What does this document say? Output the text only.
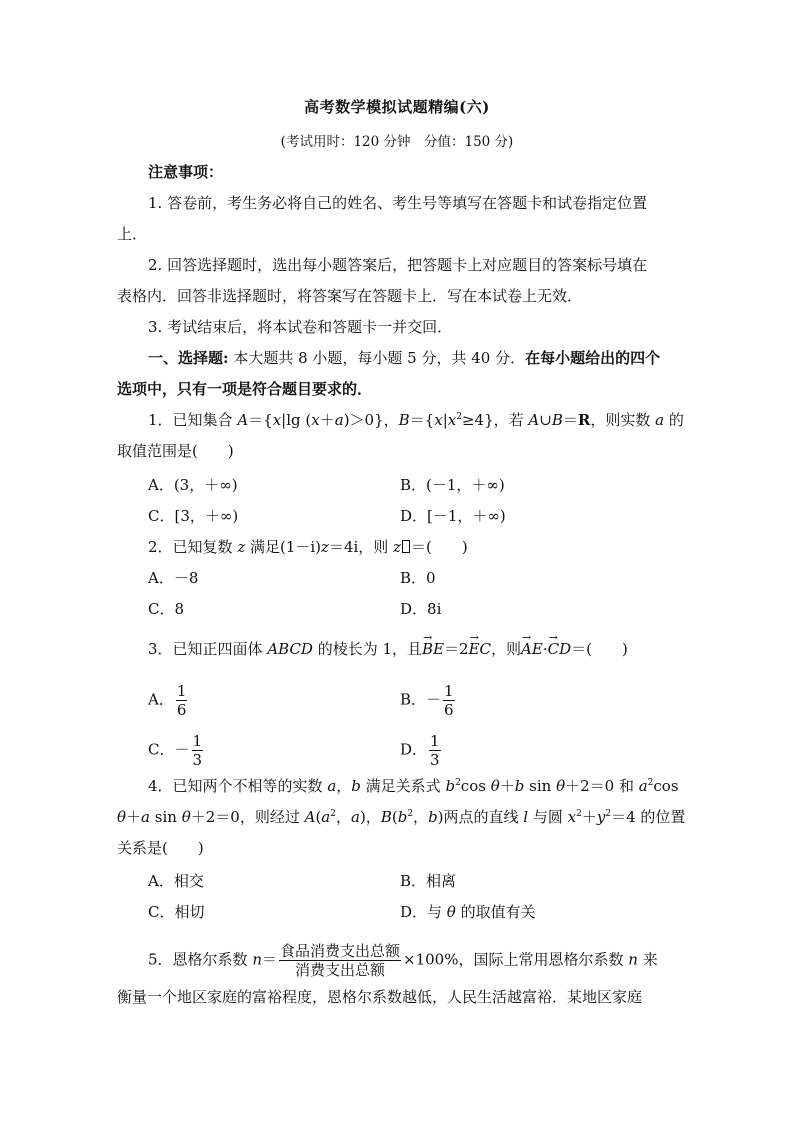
高考数学模拟试题精编(六)
(考试用时：120 分钟　分值：150 分)
注意事项：
1. 答卷前，考生务必将自己的姓名、考生号等填写在答题卡和试卷指定位置
上．
2. 回答选择题时，选出每小题答案后，把答题卡上对应题目的答案标号填在
表格内．回答非选择题时，将答案写在答题卡上．写在本试卷上无效．
3. 考试结束后，将本试卷和答题卡一并交回．
一、选择题: 本大题共 8 小题，每小题 5 分，共 40 分．在每小题给出的四个
选项中，只有一项是符合题目要求的．
1．已知集合 A＝{x|lg (x＋a)＞0}，$B=\{x|x^2\ge 4\}$，若 A∪B＝R，则实数 a 的
取值范围是(　　)
A．(3，＋∞)	B．(－1，＋∞)
C．[3，＋∞)	D．[－1，＋∞)
2．已知复数 z 满足(1－i)z＝4i，则 z ＝(　　)
A．－8	B．0
C．8	D．8i
3．已知正四面体 ABCD 的棱长为 1，且→ BE＝2→ EC，则→ AE·→ CD＝(　　)
A． $\frac{1}{6}$	B．－ $\frac{1}{6}$
C．－ $\frac{1}{3}$	D． $\frac{1}{3}$
4．已知两个不相等的实数 a，b 满足关系式 $b^2\cos$ θ＋b sin θ＋2＝0 和 $a^2\cos$
θ＋a sin θ＋2＝0，则经过 $A(a^2$，a)，$B(b^2$，b)两点的直线 l 与圆 $x^2+y^2=4$ 的位置
关系是(　　)
A．相交	B．相离
C．相切	D．与 θ 的取值有关
5．恩格尔系数 $n= \frac{\text{食品消费支出总额}}{\text{消费支出总额}} \times 100\%$，国际上常用恩格尔系数 n 来
衡量一个地区家庭的富裕程度，恩格尔系数越低，人民生活越富裕．某地区家庭
